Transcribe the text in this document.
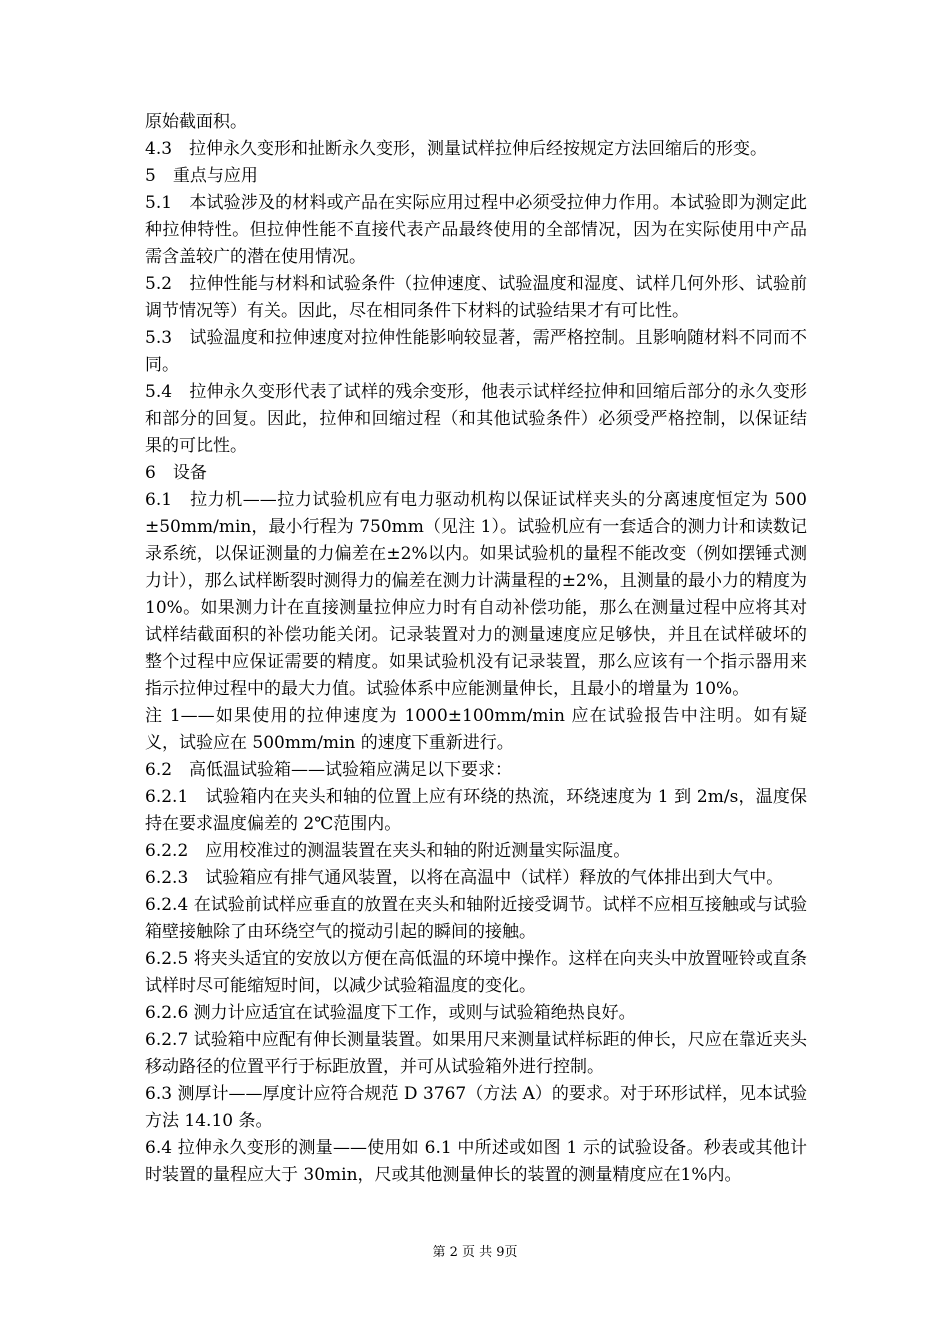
原始截面积。

4.3　拉伸永久变形和扯断永久变形，测量试样拉伸后经按规定方法回缩后的形变。

5　重点与应用

5.1　本试验涉及的材料或产品在实际应用过程中必须受拉伸力作用。本试验即为测定此种拉伸特性。但拉伸性能不直接代表产品最终使用的全部情况，因为在实际使用中产品需含盖较广的潜在使用情况。

5.2　拉伸性能与材料和试验条件（拉伸速度、试验温度和湿度、试样几何外形、试验前调节情况等）有关。因此，尽在相同条件下材料的试验结果才有可比性。

5.3　试验温度和拉伸速度对拉伸性能影响较显著，需严格控制。且影响随材料不同而不同。

5.4　拉伸永久变形代表了试样的残余变形，他表示试样经拉伸和回缩后部分的永久变形和部分的回复。因此，拉伸和回缩过程（和其他试验条件）必须受严格控制，以保证结果的可比性。

6　设备

6.1　拉力机——拉力试验机应有电力驱动机构以保证试样夹头的分离速度恒定为 500±50mm/min，最小行程为 750mm（见注 1）。试验机应有一套适合的测力计和读数记录系统，以保证测量的力偏差在±2%以内。如果试验机的量程不能改变（例如摆锤式测力计），那么试样断裂时测得力的偏差在测力计满量程的±2%，且测量的最小力的精度为 10%。如果测力计在直接测量拉伸应力时有自动补偿功能，那么在测量过程中应将其对试样结截面积的补偿功能关闭。记录装置对力的测量速度应足够快，并且在试样破坏的整个过程中应保证需要的精度。如果试验机没有记录装置，那么应该有一个指示器用来指示拉伸过程中的最大力值。试验体系中应能测量伸长，且最小的增量为 10%。

注 1——如果使用的拉伸速度为 1000±100mm/min 应在试验报告中注明。如有疑义，试验应在 500mm/min 的速度下重新进行。

6.2　高低温试验箱——试验箱应满足以下要求：

6.2.1　试验箱内在夹头和轴的位置上应有环绕的热流，环绕速度为 1 到 2m/s，温度保持在要求温度偏差的 2℃范围内。

6.2.2　应用校准过的测温装置在夹头和轴的附近测量实际温度。

6.2.3　试验箱应有排气通风装置，以将在高温中（试样）释放的气体排出到大气中。

6.2.4 在试验前试样应垂直的放置在夹头和轴附近接受调节。试样不应相互接触或与试验箱壁接触除了由环绕空气的搅动引起的瞬间的接触。

6.2.5 将夹头适宜的安放以方便在高低温的环境中操作。这样在向夹头中放置哑铃或直条试样时尽可能缩短时间，以减少试验箱温度的变化。

6.2.6 测力计应适宜在试验温度下工作，或则与试验箱绝热良好。

6.2.7 试验箱中应配有伸长测量装置。如果用尺来测量试样标距的伸长，尺应在靠近夹头移动路径的位置平行于标距放置，并可从试验箱外进行控制。

6.3 测厚计——厚度计应符合规范 D 3767（方法 A）的要求。对于环形试样，见本试验方法 14.10 条。

6.4 拉伸永久变形的测量——使用如 6.1 中所述或如图 1 示的试验设备。秒表或其他计时装置的量程应大于 30min，尺或其他测量伸长的装置的测量精度应在1%内。

第 2 页 共 9页
